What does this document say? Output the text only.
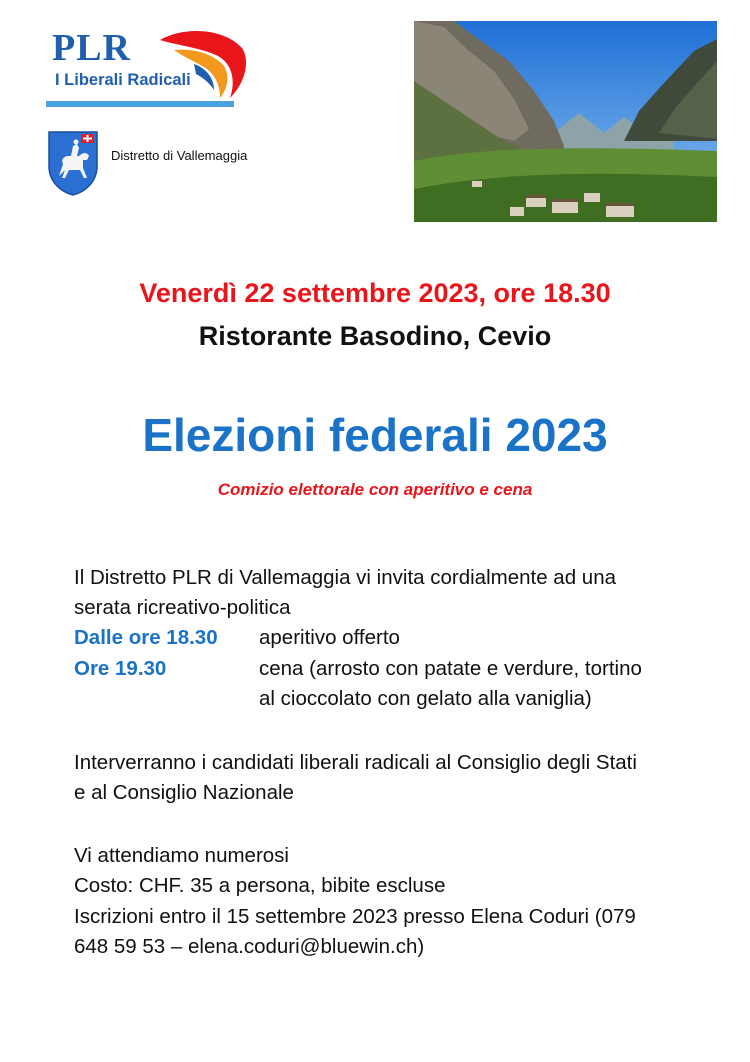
PLR
I Liberali Radicali
Distretto di Vallemaggia
Venerdì 22 settembre 2023, ore 18.30
Ristorante Basodino, Cevio
Elezioni federali 2023
Comizio elettorale con aperitivo e cena
Il Distretto PLR di Vallemaggia vi invita cordialmente ad una
serata ricreativo-politica
Dalle ore 18.30 aperitivo offerto
Ore 19.30	cena (arrosto con patate e verdure, tortino
al cioccolato con gelato alla vaniglia)
Interverranno i candidati liberali radicali al Consiglio degli Stati
e al Consiglio Nazionale
Vi attendiamo numerosi
Costo: CHF. 35 a persona, bibite escluse
Iscrizioni entro il 15 settembre 2023 presso Elena Coduri (079
648 59 53 – elena.coduri@bluewin.ch)
